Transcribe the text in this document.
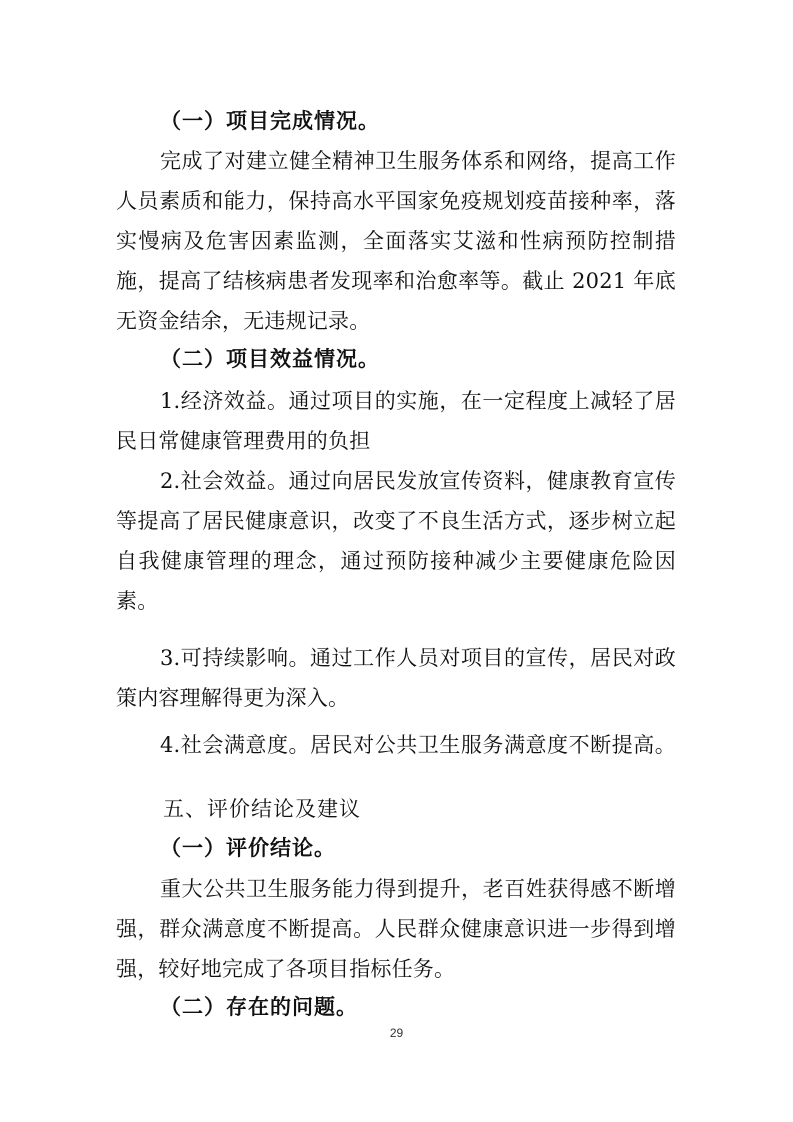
（一）项目完成情况。
完成了对建立健全精神卫生服务体系和网络，提高工作
人员素质和能力，保持高水平国家免疫规划疫苗接种率，落
实慢病及危害因素监测，全面落实艾滋和性病预防控制措
施，提高了结核病患者发现率和治愈率等。截止 2021 年底
无资金结余，无违规记录。
（二）项目效益情况。
1.经济效益。通过项目的实施，在一定程度上减轻了居
民日常健康管理费用的负担
2.社会效益。通过向居民发放宣传资料，健康教育宣传
等提高了居民健康意识，改变了不良生活方式，逐步树立起
自我健康管理的理念，通过预防接种减少主要健康危险因
素。
3.可持续影响。通过工作人员对项目的宣传，居民对政
策内容理解得更为深入。
4.社会满意度。居民对公共卫生服务满意度不断提高。
五、评价结论及建议
（一）评价结论。
重大公共卫生服务能力得到提升，老百姓获得感不断增
强，群众满意度不断提高。人民群众健康意识进一步得到增
强，较好地完成了各项目指标任务。
（二）存在的问题。
29
